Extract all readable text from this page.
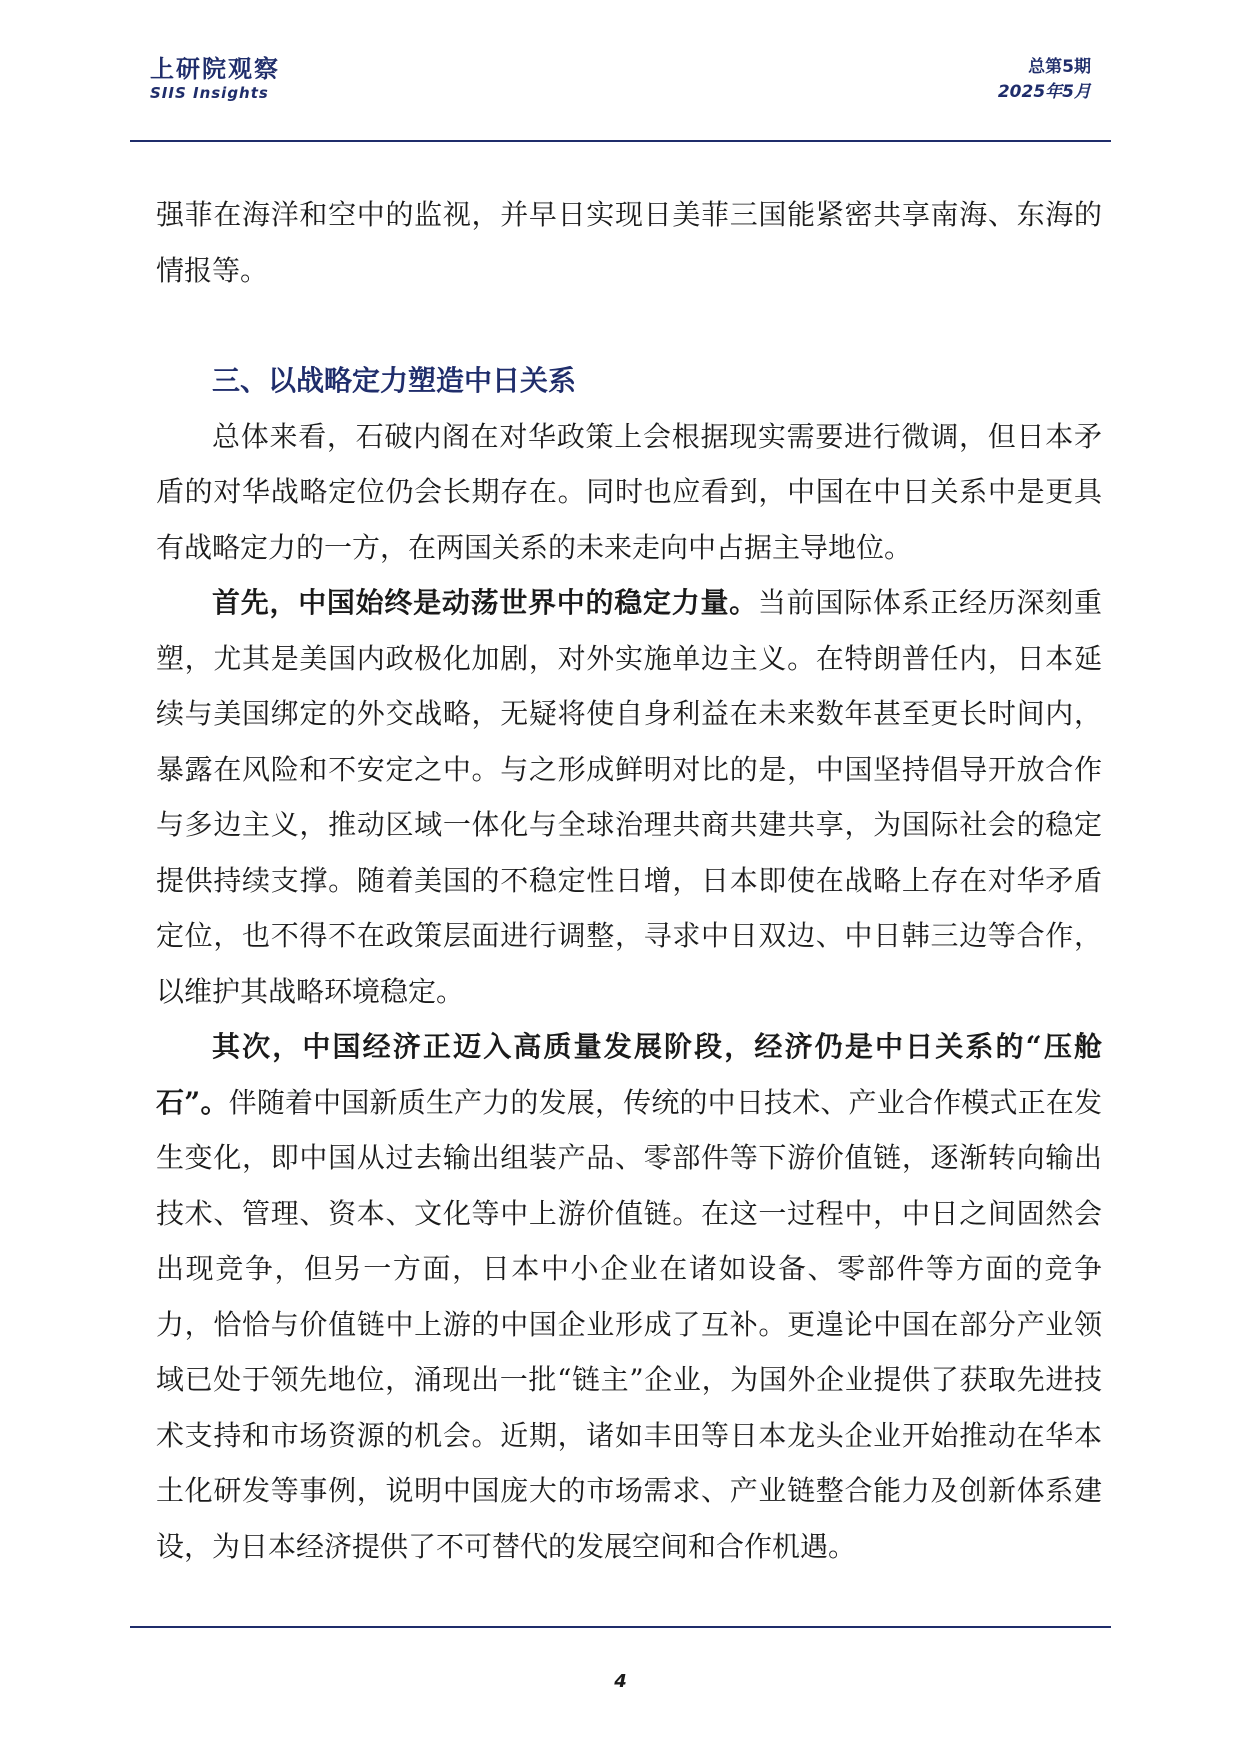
上研院观察
SIIS Insights
总第5期
2025年5月

强菲在海洋和空中的监视，并早日实现日美菲三国能紧密共享南海、东海的情报等。

三、以战略定力塑造中日关系

总体来看，石破内阁在对华政策上会根据现实需要进行微调，但日本矛盾的对华战略定位仍会长期存在。同时也应看到，中国在中日关系中是更具有战略定力的一方，在两国关系的未来走向中占据主导地位。

首先，中国始终是动荡世界中的稳定力量。当前国际体系正经历深刻重塑，尤其是美国内政极化加剧，对外实施单边主义。在特朗普任内，日本延续与美国绑定的外交战略，无疑将使自身利益在未来数年甚至更长时间内，暴露在风险和不安定之中。与之形成鲜明对比的是，中国坚持倡导开放合作与多边主义，推动区域一体化与全球治理共商共建共享，为国际社会的稳定提供持续支撑。随着美国的不稳定性日增，日本即使在战略上存在对华矛盾定位，也不得不在政策层面进行调整，寻求中日双边、中日韩三边等合作，以维护其战略环境稳定。

其次，中国经济正迈入高质量发展阶段，经济仍是中日关系的“压舱石”。伴随着中国新质生产力的发展，传统的中日技术、产业合作模式正在发生变化，即中国从过去输出组装产品、零部件等下游价值链，逐渐转向输出技术、管理、资本、文化等中上游价值链。在这一过程中，中日之间固然会出现竞争，但另一方面，日本中小企业在诸如设备、零部件等方面的竞争力，恰恰与价值链中上游的中国企业形成了互补。更遑论中国在部分产业领域已处于领先地位，涌现出一批“链主”企业，为国外企业提供了获取先进技术支持和市场资源的机会。近期，诸如丰田等日本龙头企业开始推动在华本土化研发等事例，说明中国庞大的市场需求、产业链整合能力及创新体系建设，为日本经济提供了不可替代的发展空间和合作机遇。

4
